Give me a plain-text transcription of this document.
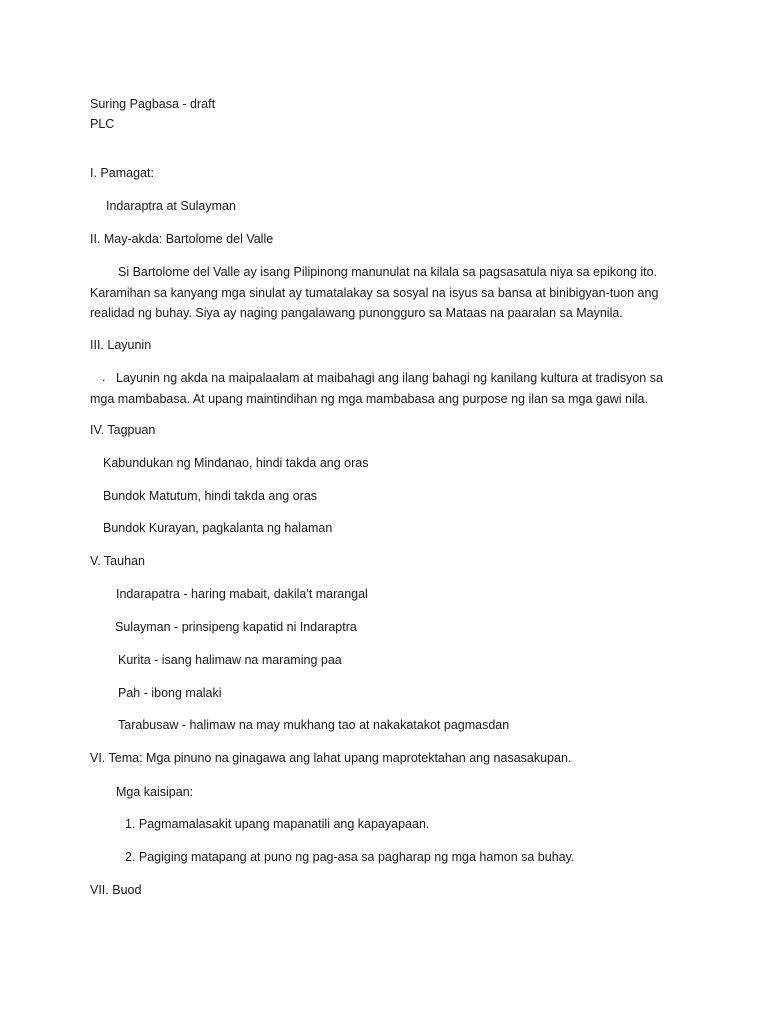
Suring Pagbasa - draft
PLC
I. Pamagat:
Indaraptra at Sulayman
II. May-akda: Bartolome del Valle
Si Bartolome del Valle ay isang Pilipinong manunulat na kilala sa pagsasatula niya sa epikong ito. Karamihan sa kanyang mga sinulat ay tumatalakay sa sosyal na isyus sa bansa at binibigyan-tuon ang realidad ng buhay. Siya ay naging pangalawang punongguro sa Mataas na paaralan sa Maynila.
III. Layunin
. Layunin ng akda na maipalaalam at maibahagi ang ilang bahagi ng kanilang kultura at tradisyon sa mga mambabasa. At upang maintindihan ng mga mambabasa ang purpose ng ilan sa mga gawi nila.
IV. Tagpuan
Kabundukan ng Mindanao, hindi takda ang oras
Bundok Matutum, hindi takda ang oras
Bundok Kurayan, pagkalanta ng halaman
V. Tauhan
Indarapatra - haring mabait, dakila't marangal
Sulayman - prinsipeng kapatid ni Indaraptra
Kurita - isang halimaw na maraming paa
Pah - ibong malaki
Tarabusaw - halimaw na may mukhang tao at nakakatakot pagmasdan
VI. Tema: Mga pinuno na ginagawa ang lahat upang maprotektahan ang nasasakupan.
Mga kaisipan:
1. Pagmamalasakit upang mapanatili ang kapayapaan.
2. Pagiging matapang at puno ng pag-asa sa pagharap ng mga hamon sa buhay.
VII. Buod
